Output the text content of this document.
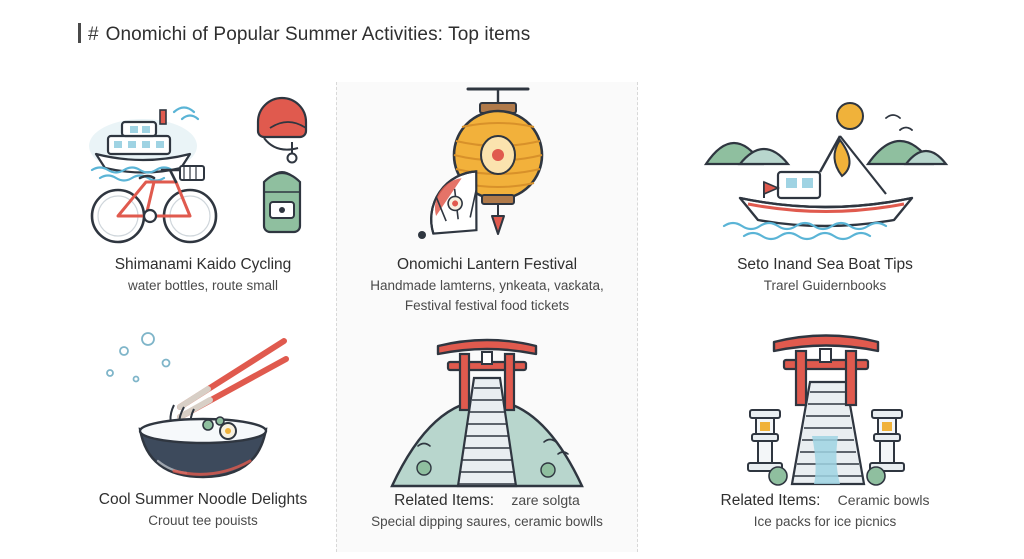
# Onomichi of Popular Summer Activities: Top items
Shimanami Kaido Cycling
water bottles, route small
Cool Summer Noodle Delights
Crouut tee pouists
Onomichi Lantern Festival
Handmade lamterns, ynkeata, vaɛkata,
Festival festival food tickets
Related Items: zare solgta
Special dipping saures, ceramic bowlls
Seto Inand Sea Boat Tips
Trarel Guidernbooks
Related Items: Ceramic bowls
Ice packs for ice picnics
